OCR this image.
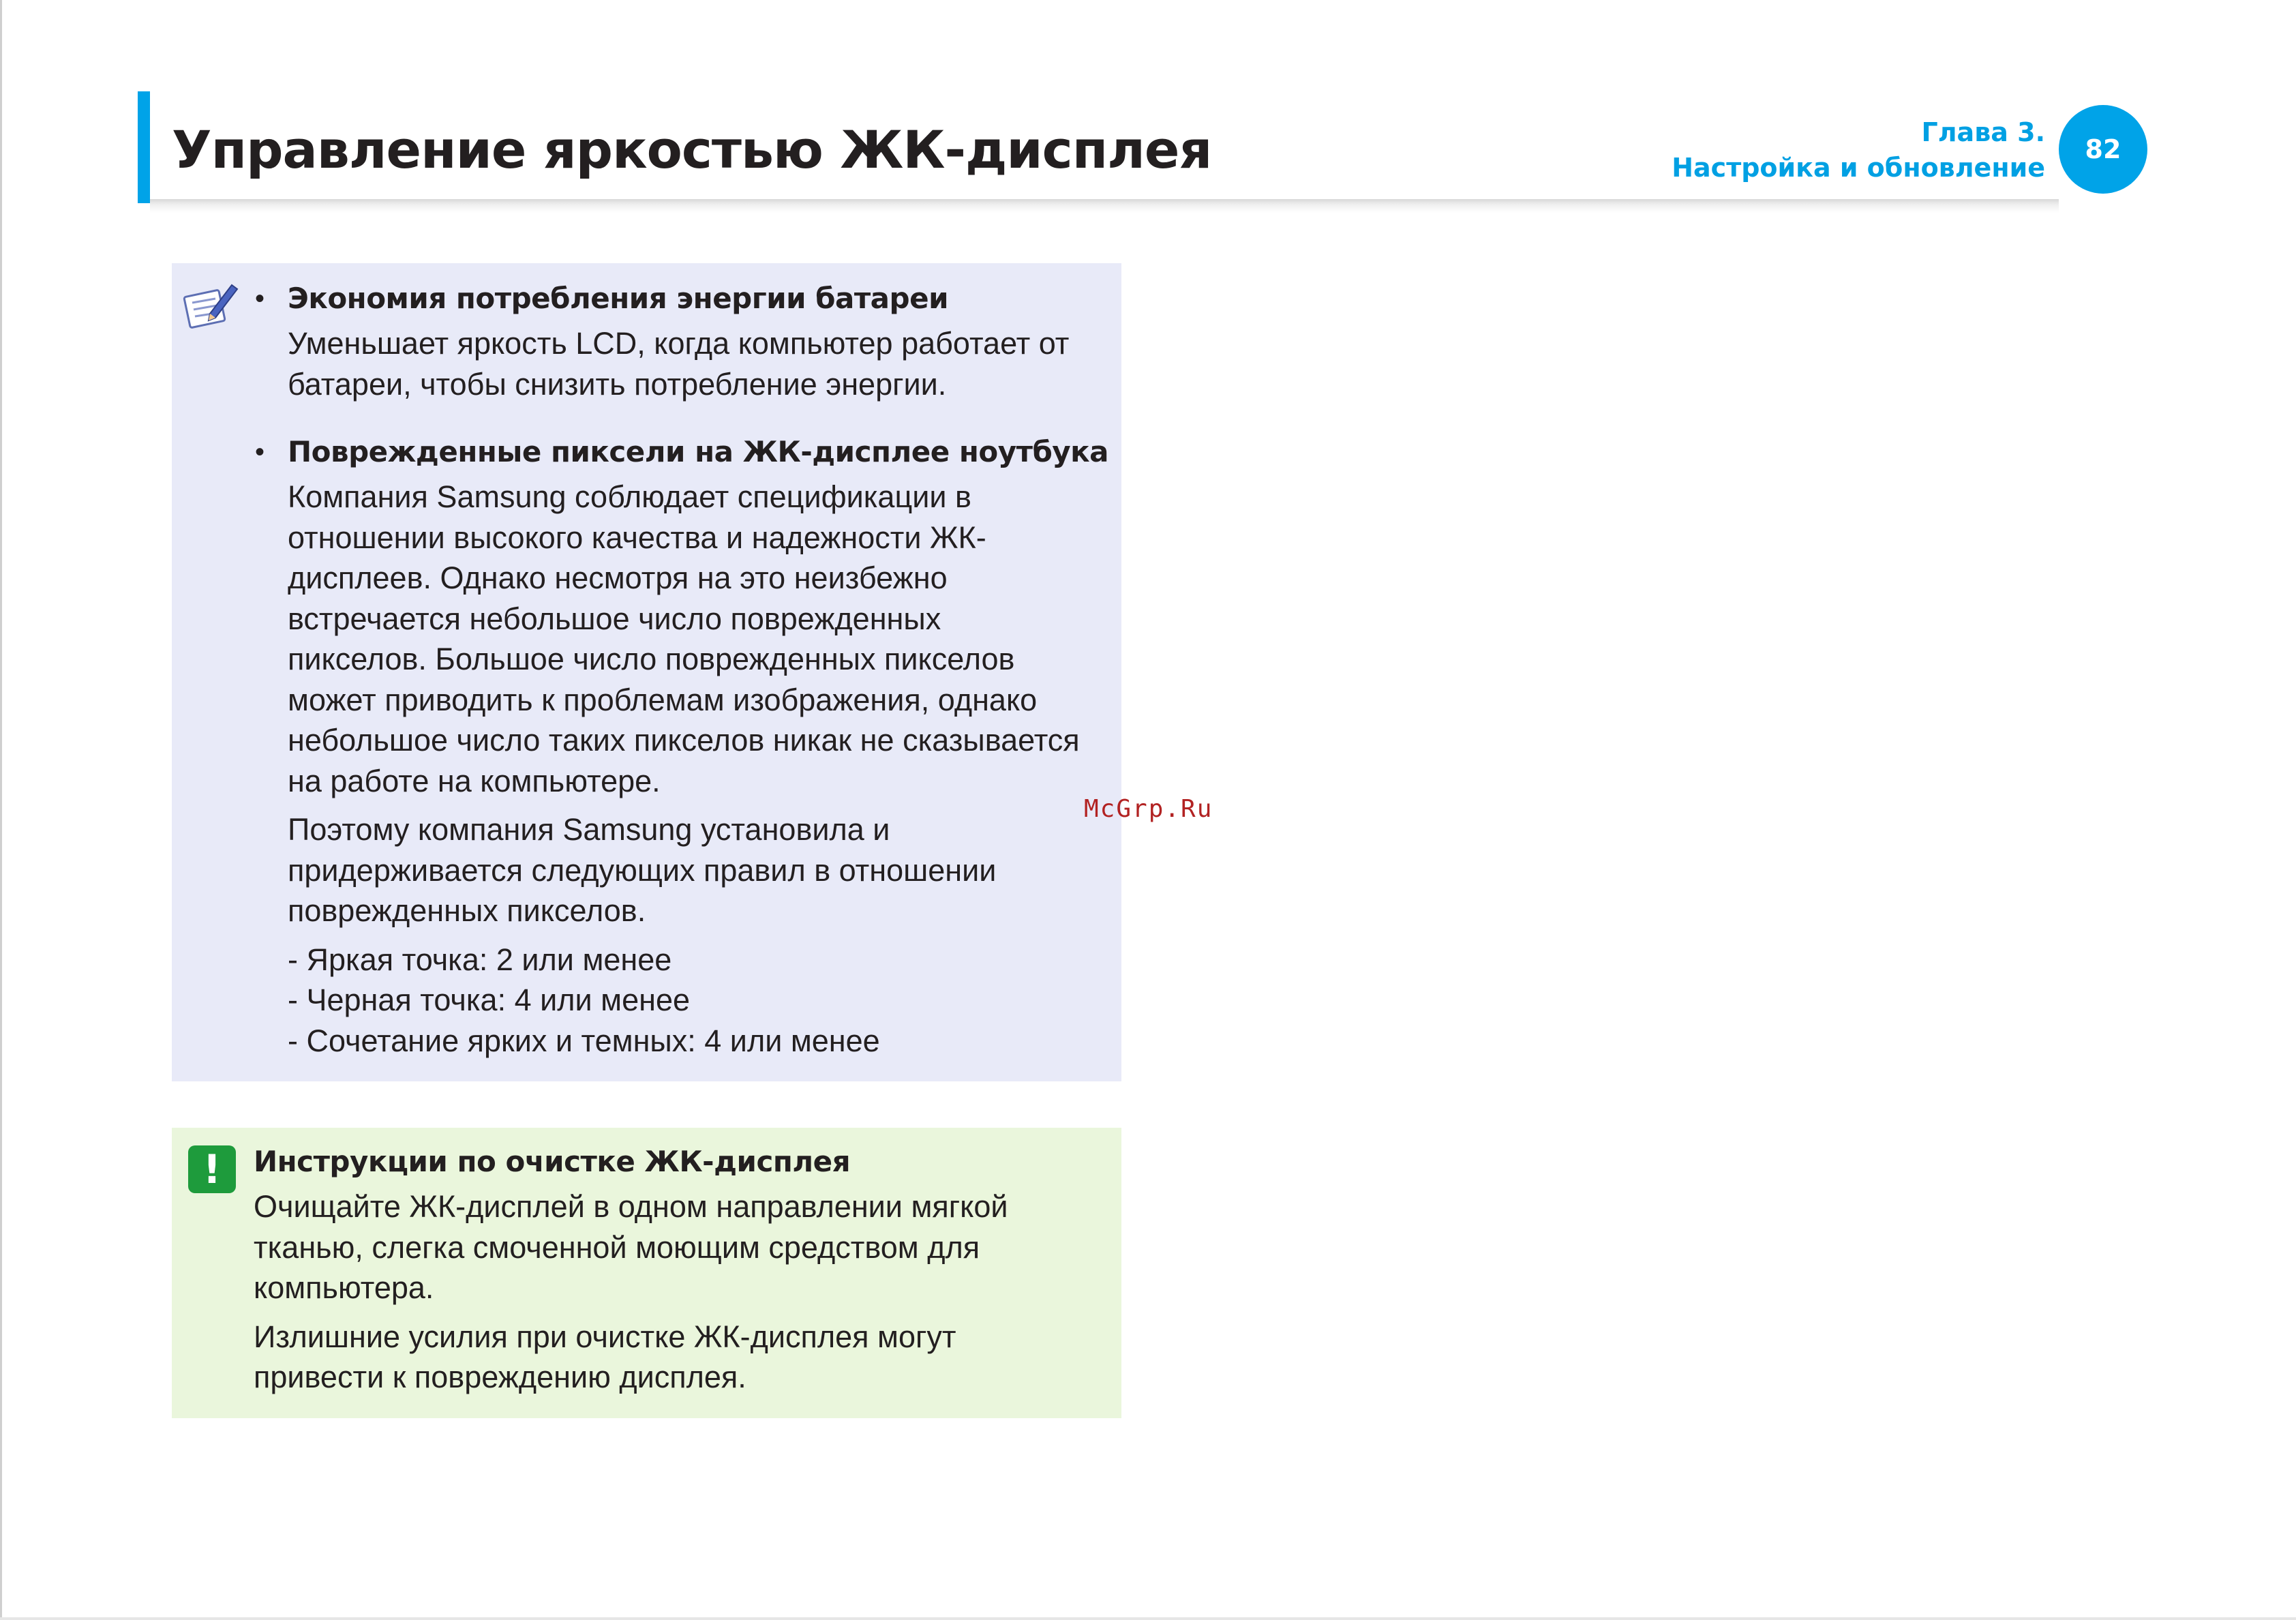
Управление яркостью ЖК-дисплея	Глава 3.
Настройка и обновление
82
• Экономия потребления энергии батареи
Уменьшает яркость LCD, когда компьютер работает от
батареи, чтобы снизить потребление энергии.
• Поврежденные пиксели на ЖК-дисплее ноутбука
Компания Samsung соблюдает спецификации в
отношении высокого качества и надежности ЖК-
дисплеев. Однако несмотря на это неизбежно
встречается небольшое число поврежденных
пикселов. Большое число поврежденных пикселов
может приводить к проблемам изображения, однако
небольшое число таких пикселов никак не сказывается
на работе на компьютере.
Поэтому компания Samsung установила и
придерживается следующих правил в отношении
поврежденных пикселов.
- Яркая точка: 2 или менее
- Черная точка: 4 или менее
- Сочетание ярких и темных: 4 или менее
!	Инструкции по очистке ЖК-дисплея
Очищайте ЖК-дисплей в одном направлении мягкой
тканью, слегка смоченной моющим средством для
компьютера.
Излишние усилия при очистке ЖК-дисплея могут
привести к повреждению дисплея.
McGrp.Ru
